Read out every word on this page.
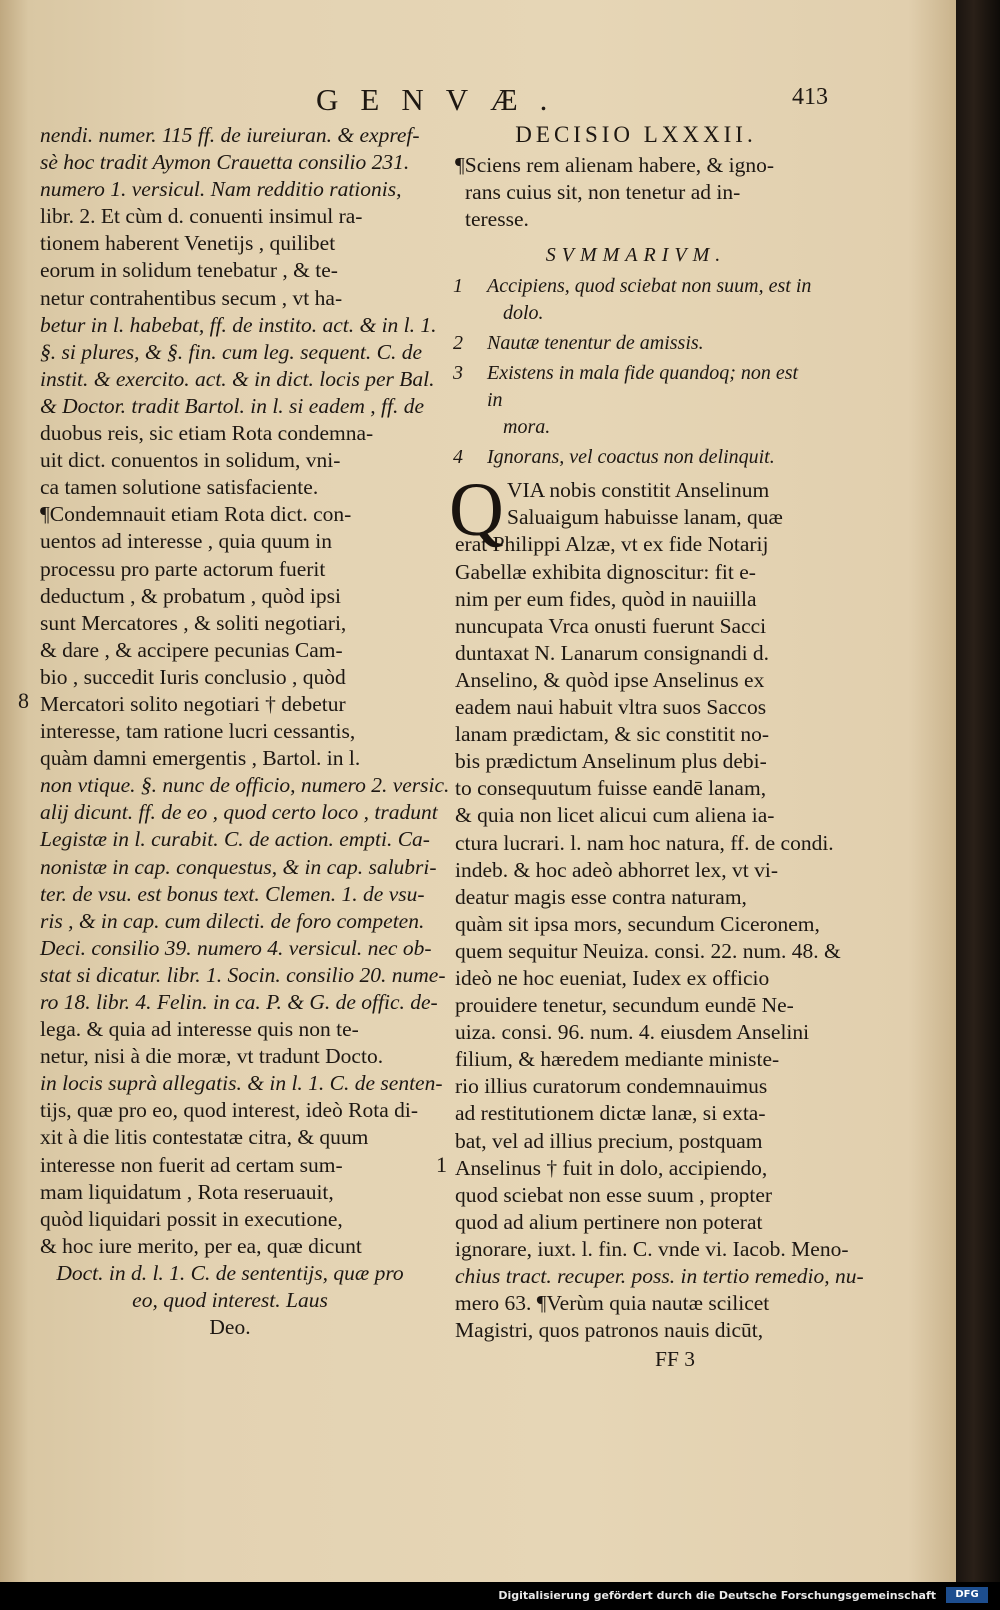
GENVÆ.	413
nendi. numer. 115 ff. de iureiuran. & expref-
sè hoc tradit Aymon Crauetta consilio 231.
numero 1. versicul. Nam redditio rationis,
libr. 2. Et cùm d. conuenti insimul ra-
tionem haberent Venetijs , quilibet
eorum in solidum tenebatur , & te-
netur contrahentibus secum , vt ha-
betur in l. habebat, ff. de instito. act. & in l. 1.
§. si plures, & §. fin. cum leg. sequent. C. de
instit. & exercito. act. & in dict. locis per Bal.
& Doctor. tradit Bartol. in l. si eadem , ff. de
duobus reis, sic etiam Rota condemna-
uit dict. conuentos in solidum, vni-
ca tamen solutione satisfaciente.
¶Condemnauit etiam Rota dict. con-
uentos ad interesse , quia quum in
processu pro parte actorum fuerit
deductum , & probatum , quòd ipsi
sunt Mercatores , & soliti negotiari,
& dare , & accipere pecunias Cam-
bio , succedit Iuris conclusio , quòd
Mercatori solito negotiari † debetur
interesse, tam ratione lucri cessantis,
quàm damni emergentis , Bartol. in l.
non vtique. §. nunc de officio, numero 2. versic.
alij dicunt. ff. de eo , quod certo loco , tradunt
Legistæ in l. curabit. C. de action. empti. Ca-
nonistæ in cap. conquestus, & in cap. salubri-
ter. de vsu. est bonus text. Clemen. 1. de vsu-
ris , & in cap. cum dilecti. de foro competen.
Deci. consilio 39. numero 4. versicul. nec ob-
stat si dicatur. libr. 1. Socin. consilio 20. nume-
ro 18. libr. 4. Felin. in ca. P. & G. de offic. de-
lega. & quia ad interesse quis non te-
netur, nisi à die moræ, vt tradunt Docto.
in locis suprà allegatis. & in l. 1. C. de senten-
tijs, quæ pro eo, quod interest, ideò Rota di-
xit à die litis contestatæ citra, & quum
interesse non fuerit ad certam sum-
mam liquidatum , Rota reseruauit,
quòd liquidari possit in executione,
& hoc iure merito, per ea, quæ dicunt
Doct. in d. l. 1. C. de sententijs, quæ pro
eo, quod interest. Laus
Deo.
8
DECISIO LXXXII.
¶Sciens rem alienam habere, & igno-
rans cuius sit, non tenetur ad in-
teresse.
SVMMARIVM.
1 Accipiens, quod sciebat non suum, est in
dolo.
2 Nautæ tenentur de amissis.
3 Existens in mala fide quandoq; non est in
mora.
4 Ignorans, vel coactus non delinquit.
Q VIA nobis constitit Anselinum
Saluaigum habuisse lanam, quæ
erat Philippi Alzæ, vt ex fide Notarij
Gabellæ exhibita dignoscitur: fit e-
nim per eum fides, quòd in nauiilla
nuncupata Vrca onusti fuerunt Sacci
duntaxat N. Lanarum consignandi d.
Anselino, & quòd ipse Anselinus ex
eadem naui habuit vltra suos Saccos
lanam prædictam, & sic constitit no-
bis prædictum Anselinum plus debi-
to consequutum fuisse eandē lanam,
& quia non licet alicui cum aliena ia-
ctura lucrari. l. nam hoc natura, ff. de condi.
indeb. & hoc adeò abhorret lex, vt vi-
deatur magis esse contra naturam,
quàm sit ipsa mors, secundum Ciceronem,
quem sequitur Neuiza. consi. 22. num. 48. &
ideò ne hoc eueniat, Iudex ex officio
prouidere tenetur, secundum eundē Ne-
uiza. consi. 96. num. 4. eiusdem Anselini
filium, & hæredem mediante ministe-
rio illius curatorum condemnauimus
ad restitutionem dictæ lanæ, si exta-
bat, vel ad illius precium, postquam
Anselinus † fuit in dolo, accipiendo,
quod sciebat non esse suum , propter
quod ad alium pertinere non poterat
ignorare, iuxt. l. fin. C. vnde vi. Iacob. Meno-
chius tract. recuper. poss. in tertio remedio, nu-
mero 63. ¶Verùm quia nautæ scilicet
Magistri, quos patronos nauis dicūt,
FF 3
1
Digitalisierung gefördert durch die Deutsche Forschungsgemeinschaft	DFG
